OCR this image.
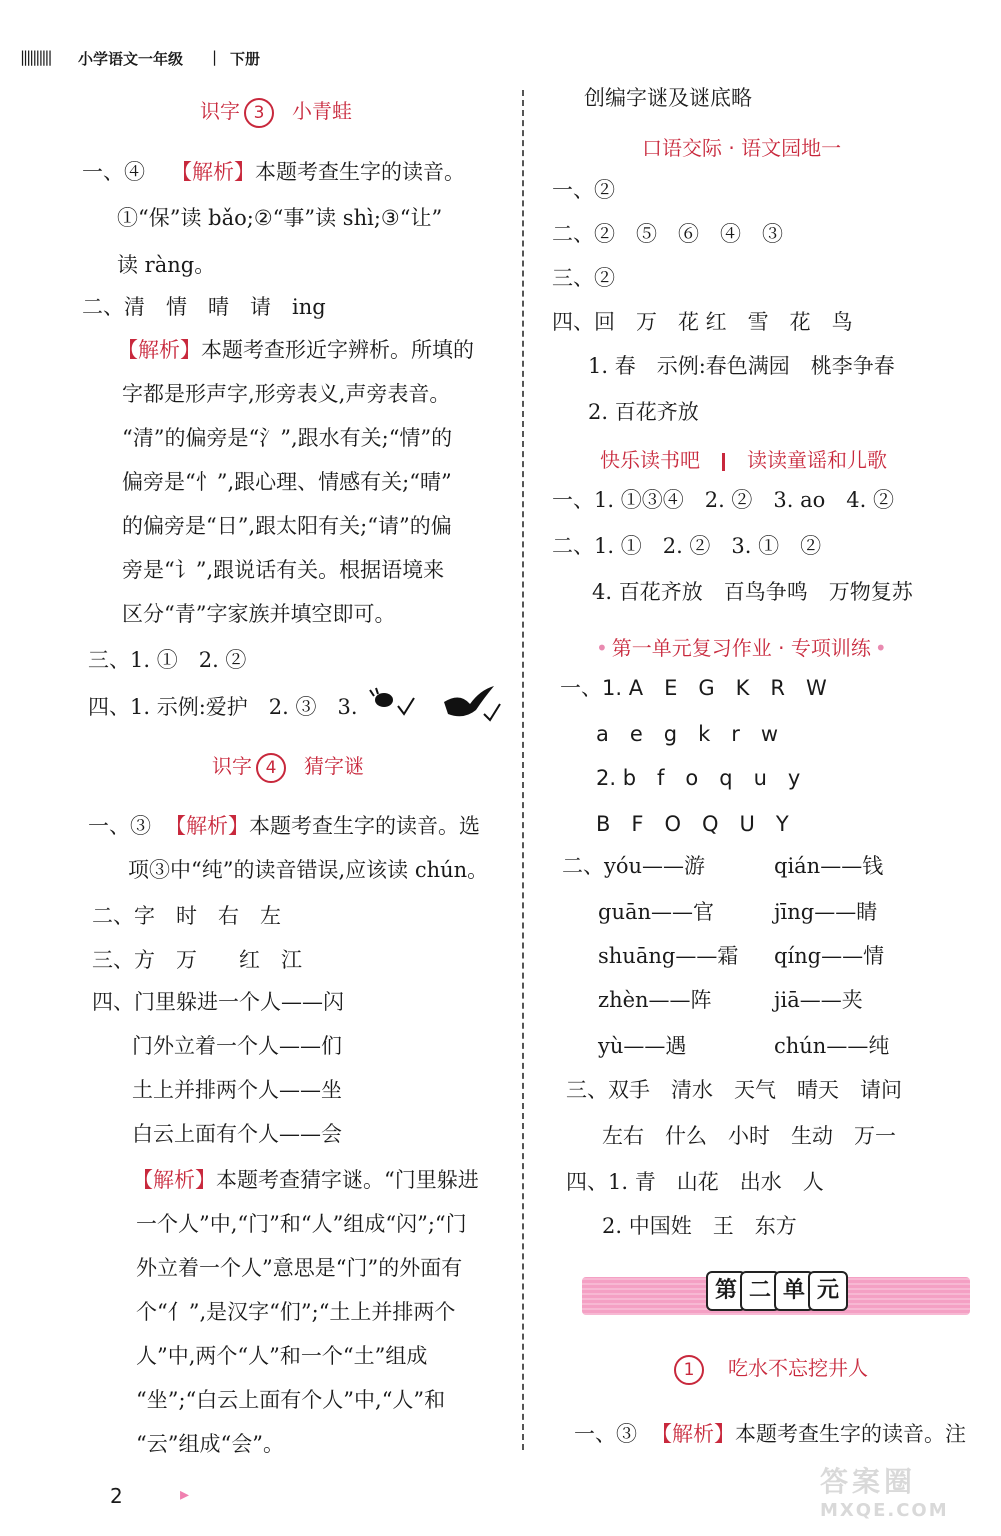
|||||||||| 小学语文一年级 | 下册
识字 3 小青蛙
一、④ 【解析】本题考查生字的读音。
①“保”读 bǎo;②“事”读 shì;③“让”
读 ràng。
二、清　情　晴　请　ing
【解析】本题考查形近字辨析。所填的
字都是形声字,形旁表义,声旁表音。
“清”的偏旁是“氵”,跟水有关;“情”的
偏旁是“忄”,跟心理、情感有关;“晴”
的偏旁是“日”,跟太阳有关;“请”的偏
旁是“讠”,跟说话有关。根据语境来
区分“青”字家族并填空即可。
三、1. ①　2. ②
四、1. 示例:爱护　2. ③　3.
识字 4 猜字谜
一、③ 【解析】本题考查生字的读音。选
项③中“纯”的读音错误,应该读 chún。
二、字　时　右　左
三、方　万　　红　江
四、门里躲进一个人——闪
门外立着一个人——们
土上并排两个人——坐
白云上面有个人——会
【解析】本题考查猜字谜。“门里躲进
一个人”中,“门”和“人”组成“闪”;“门
外立着一个人”意思是“门”的外面有
个“亻”,是汉字“们”;“土上并排两个
人”中,两个“人”和一个“土”组成
“坐”;“白云上面有个人”中,“人”和
“云”组成“会”。
创编字谜及谜底略
口语交际 · 语文园地一
一、②
二、②　⑤　⑥　④　③
三、②
四、回　万　花 红　雪　花　鸟
1. 春　示例:春色满园　桃李争春
2. 百花齐放
快乐读书吧 读读童谣和儿歌
一、1. ①③④　2. ②　3. ao　4. ②
二、1. ①　2. ②　3. ①　②
4. 百花齐放　百鸟争鸣　万物复苏
• 第一单元复习作业 · 专项训练 •
一、1. A　E　G　K　R　W
a　e　g　k　r　w
2. b　f　o　q　u　y
B　F　O　Q　U　Y
二、yóu——游	qián——钱
guān——官	jīng——睛
shuāng——霜 qíng——情
zhèn——阵	jiā——夹
yù——遇	chún——纯
三、双手　清水　天气　晴天　请问
左右　什么　小时　生动　万一
四、1. 青　山花　出水　人
2. 中国姓　王　东方
第 二 单 元
1 吃水不忘挖井人
一、③ 【解析】本题考查生字的读音。注
2	▸	答案圈
MXQE.COM
